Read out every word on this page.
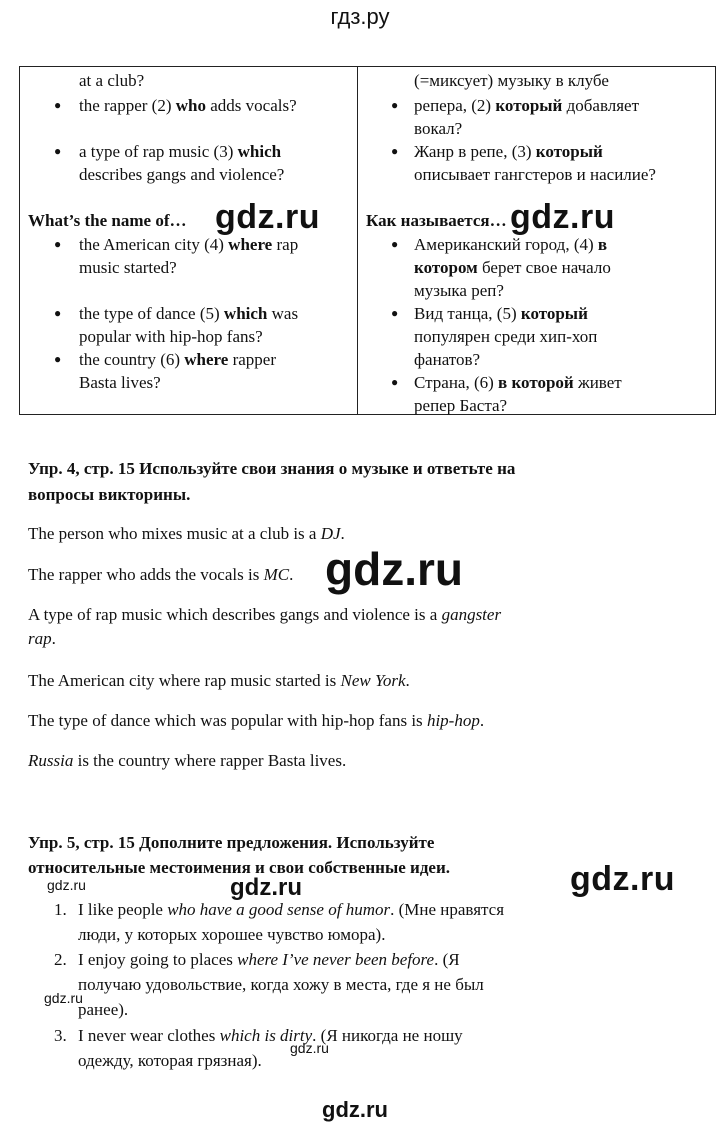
гдз.ру
at a club?
● the rapper (2) who adds vocals?
● a type of rap music (3) which
describes gangs and violence?
What’s the name of…
● the American city (4) where rap
music started?
● the type of dance (5) which was
popular with hip-hop fans?
● the country (6) where rapper
Basta lives?
(=миксует) музыку в клубе
● репера, (2) который добавляет
вокал?
● Жанр в репе, (3) который
описывает гангстеров и насилие?
Как называется…
● Американский город, (4) в
котором берет свое начало
музыка реп?
● Вид танца, (5) который
популярен среди хип-хоп
фанатов?
● Страна, (6) в которой живет
репер Баста?
Упр. 4, стр. 15 Используйте свои знания о музыке и ответьте на
вопросы викторины.
The person who mixes music at a club is a DJ.
The rapper who adds the vocals is MC.
A type of rap music which describes gangs and violence is a gangster
rap.
The American city where rap music started is New York.
The type of dance which was popular with hip-hop fans is hip-hop.
Russia is the country where rapper Basta lives.
Упр. 5, стр. 15 Дополните предложения. Используйте
относительные местоимения и свои собственные идеи.
1. I like people who have a good sense of humor. (Мне нравятся
люди, у которых хорошее чувство юмора).
2. I enjoy going to places where I’ve never been before. (Я
получаю удовольствие, когда хожу в места, где я не был
ранее).
3. I never wear clothes which is dirty. (Я никогда не ношу
одежду, которая грязная).
gdz.ru	gdz.ru
gdz.ru
gdz.ru
gdz.ru
gdz.ru
gdz.ru
gdz.ru
gdz.ru
